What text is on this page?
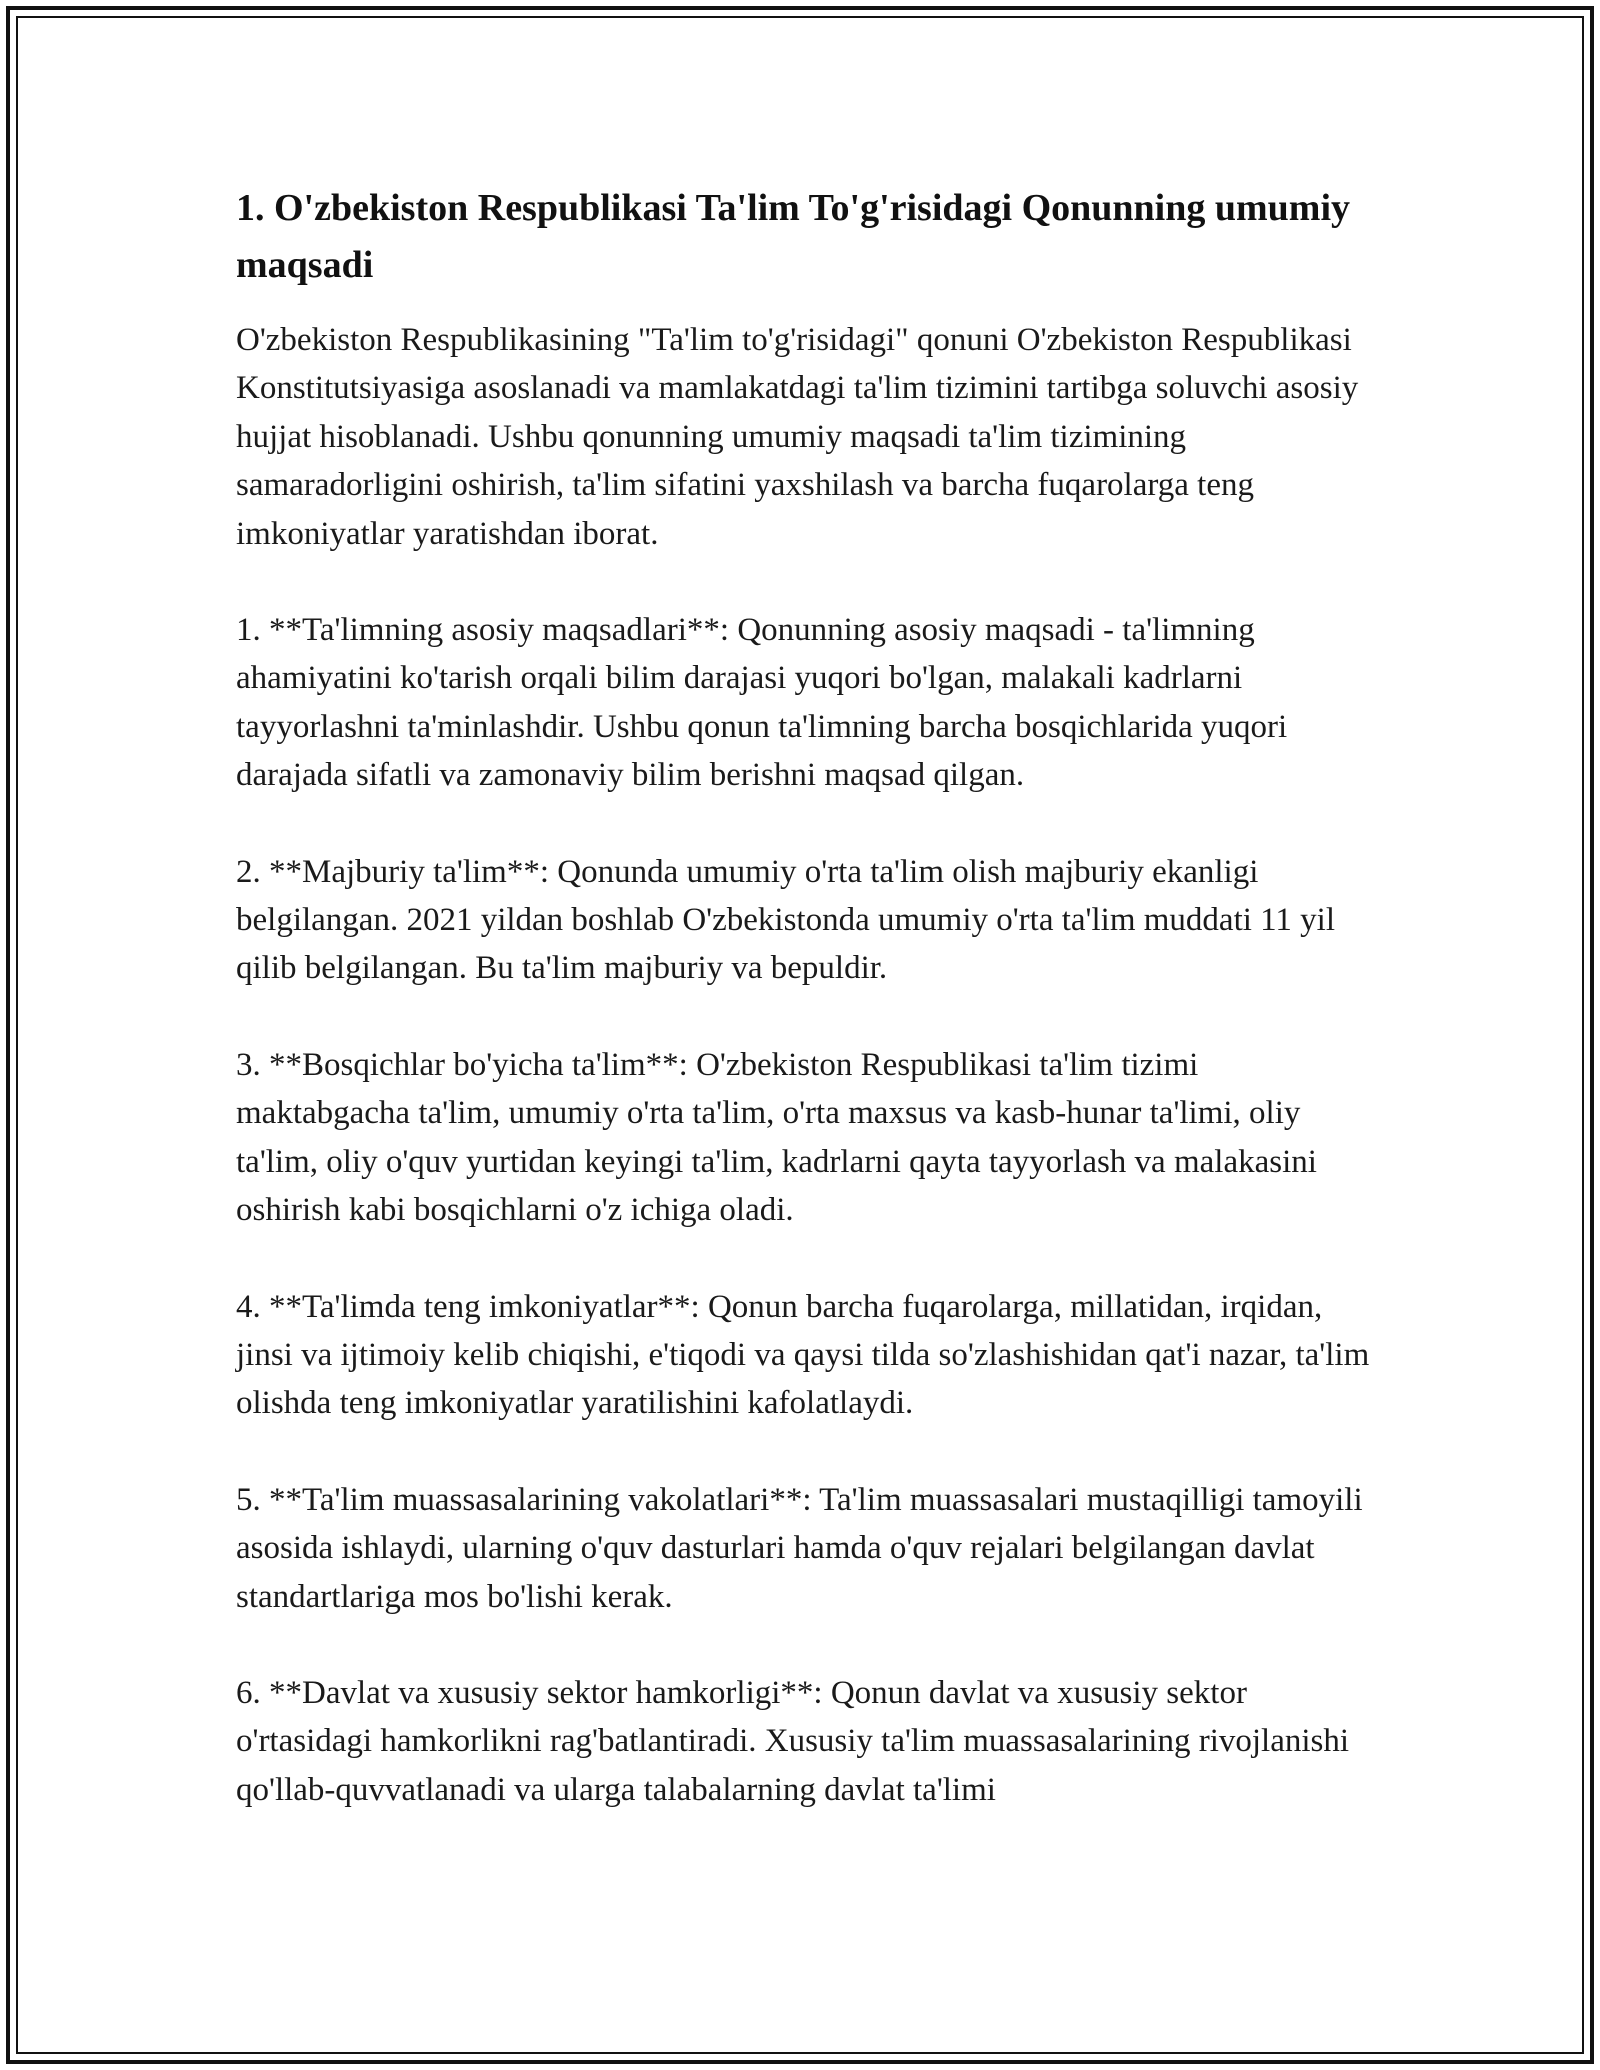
1. O'zbekiston Respublikasi Ta'lim To'g'risidagi Qonunning umumiy maqsadi

O'zbekiston Respublikasining "Ta'lim to'g'risidagi" qonuni O'zbekiston Respublikasi Konstitutsiyasiga asoslanadi va mamlakatdagi ta'lim tizimini tartibga soluvchi asosiy hujjat hisoblanadi. Ushbu qonunning umumiy maqsadi ta'lim tizimining samaradorligini oshirish, ta'lim sifatini yaxshilash va barcha fuqarolarga teng imkoniyatlar yaratishdan iborat.

1. **Ta'limning asosiy maqsadlari**: Qonunning asosiy maqsadi - ta'limning ahamiyatini ko'tarish orqali bilim darajasi yuqori bo'lgan, malakali kadrlarni tayyorlashni ta'minlashdir. Ushbu qonun ta'limning barcha bosqichlarida yuqori darajada sifatli va zamonaviy bilim berishni maqsad qilgan.

2. **Majburiy ta'lim**: Qonunda umumiy o'rta ta'lim olish majburiy ekanligi belgilangan. 2021 yildan boshlab O'zbekistonda umumiy o'rta ta'lim muddati 11 yil qilib belgilangan. Bu ta'lim majburiy va bepuldir.

3. **Bosqichlar bo'yicha ta'lim**: O'zbekiston Respublikasi ta'lim tizimi maktabgacha ta'lim, umumiy o'rta ta'lim, o'rta maxsus va kasb-hunar ta'limi, oliy ta'lim, oliy o'quv yurtidan keyingi ta'lim, kadrlarni qayta tayyorlash va malakasini oshirish kabi bosqichlarni o'z ichiga oladi.

4. **Ta'limda teng imkoniyatlar**: Qonun barcha fuqarolarga, millatidan, irqidan, jinsi va ijtimoiy kelib chiqishi, e'tiqodi va qaysi tilda so'zlashishidan qat'i nazar, ta'lim olishda teng imkoniyatlar yaratilishini kafolatlaydi.

5. **Ta'lim muassasalarining vakolatlari**: Ta'lim muassasalari mustaqilligi tamoyili asosida ishlaydi, ularning o'quv dasturlari hamda o'quv rejalari belgilangan davlat standartlariga mos bo'lishi kerak.

6. **Davlat va xususiy sektor hamkorligi**: Qonun davlat va xususiy sektor o'rtasidagi hamkorlikni rag'batlantiradi. Xususiy ta'lim muassasalarining rivojlanishi qo'llab-quvvatlanadi va ularga talabalarning davlat ta'limi
